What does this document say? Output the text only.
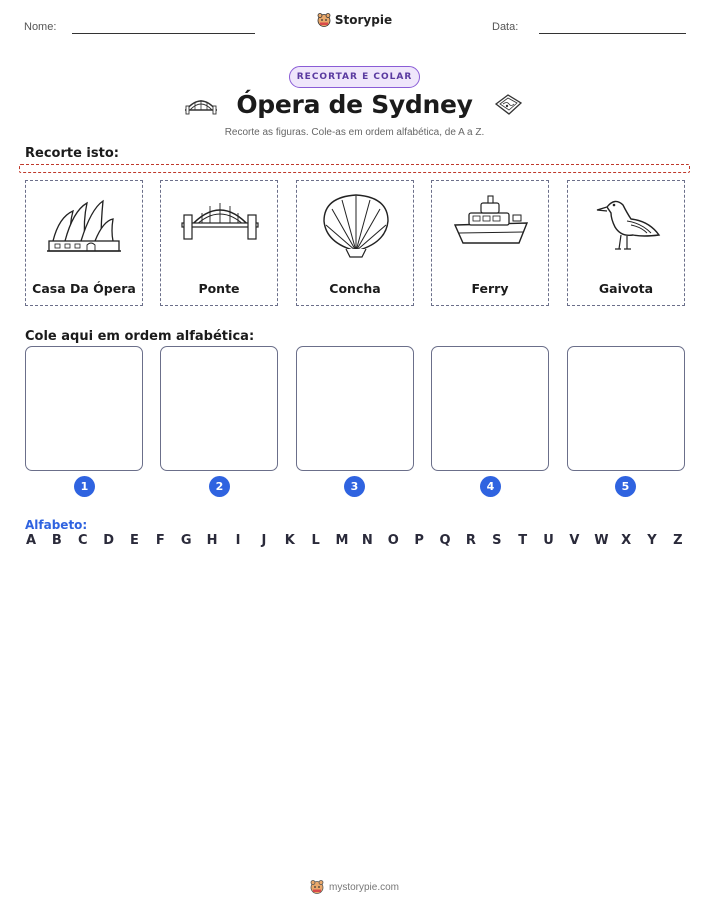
Nome:	Storypie	Data:
RECORTAR E COLAR
Ópera de Sydney
Recorte as figuras. Cole-as em ordem alfabética, de A a Z.
Recorte isto:
Casa Da Ópera	Ponte	Concha	Ferry	Gaivota
Cole aqui em ordem alfabética:
1	2	3	4	5
Alfabeto:
A B C D E F G H I J K L M N O P Q R S T U V W X Y Z
mystorypie.com
